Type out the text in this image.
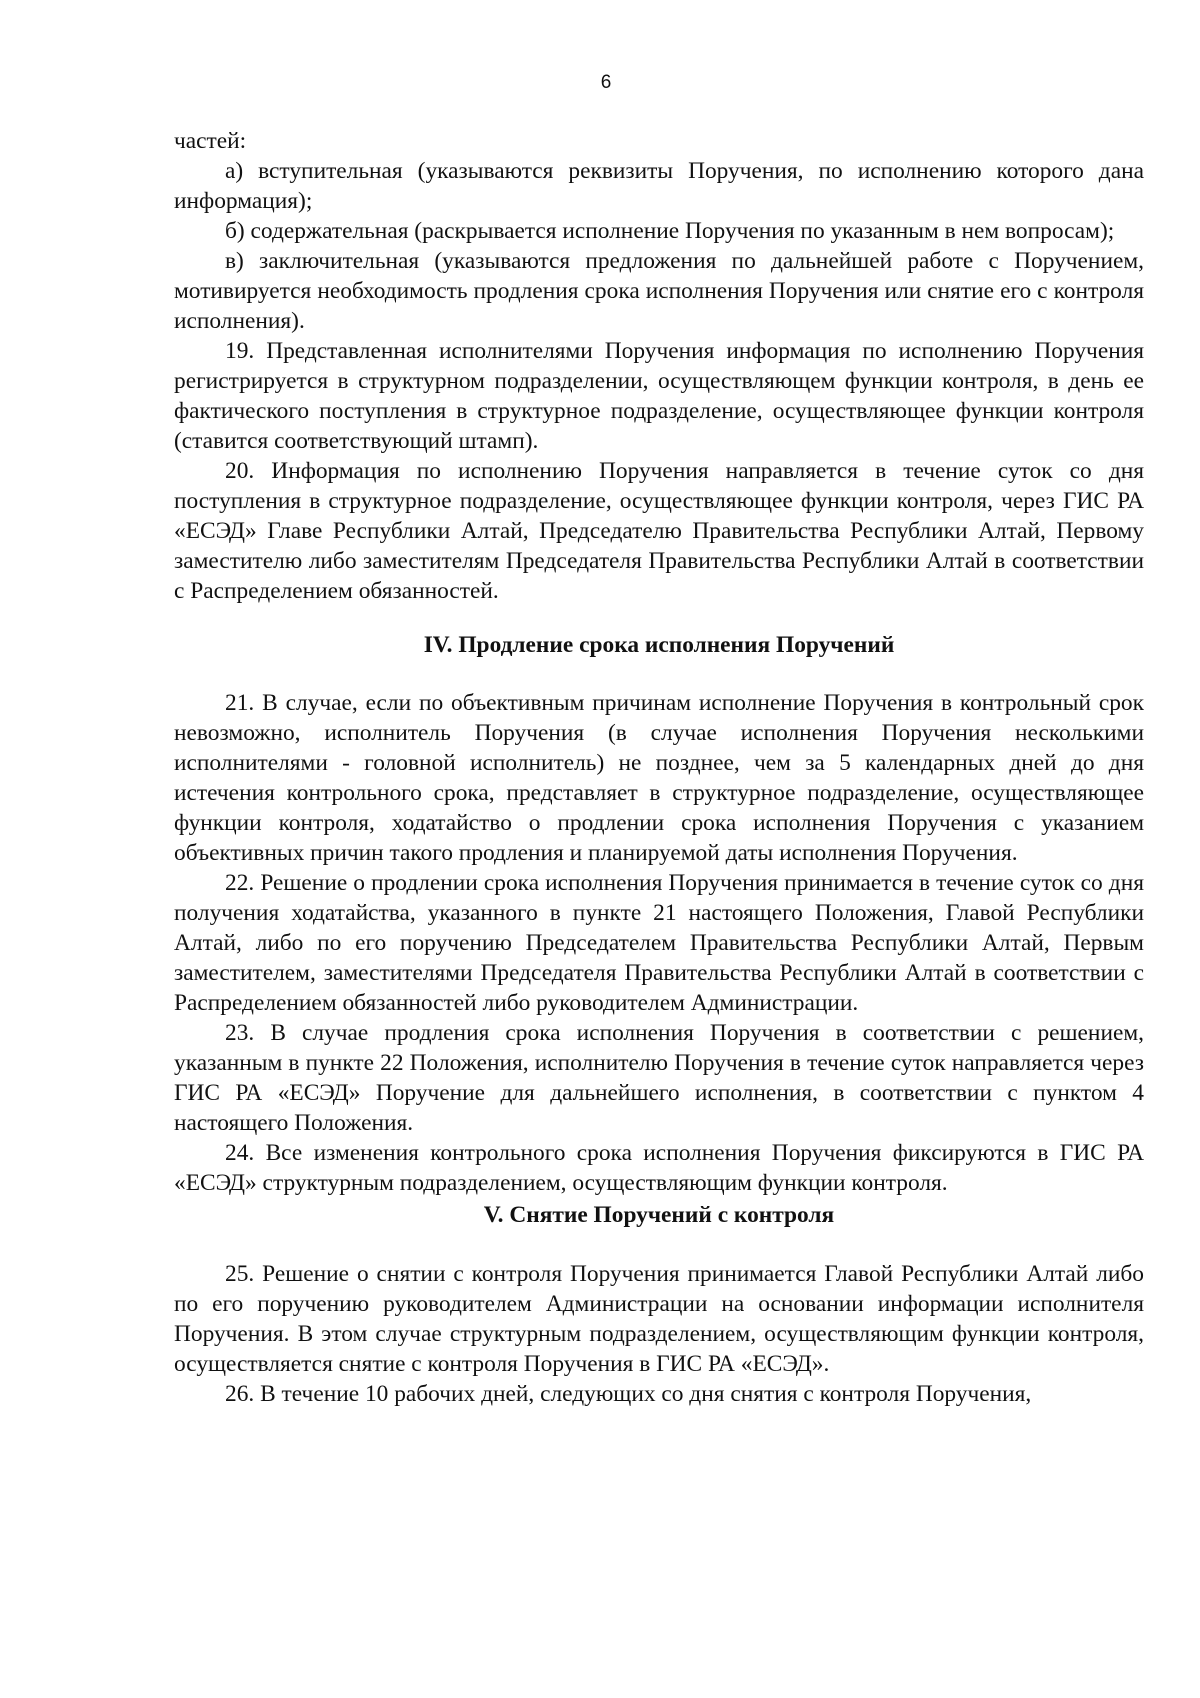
6

частей:

а) вступительная (указываются реквизиты Поручения, по исполнению которого дана информация);

б) содержательная (раскрывается исполнение Поручения по указанным в нем вопросам);

в) заключительная (указываются предложения по дальнейшей работе с Поручением, мотивируется необходимость продления срока исполнения Поручения или снятие его с контроля исполнения).

19. Представленная исполнителями Поручения информация по исполнению Поручения регистрируется в структурном подразделении, осуществляющем функции контроля, в день ее фактического поступления в структурное подразделение, осуществляющее функции контроля (ставится соответствующий штамп).

20. Информация по исполнению Поручения направляется в течение суток со дня поступления в структурное подразделение, осуществляющее функции контроля, через ГИС РА «ЕСЭД» Главе Республики Алтай, Председателю Правительства Республики Алтай, Первому заместителю либо заместителям Председателя Правительства Республики Алтай в соответствии с Распределением обязанностей.

IV. Продление срока исполнения Поручений

21. В случае, если по объективным причинам исполнение Поручения в контрольный срок невозможно, исполнитель Поручения (в случае исполнения Поручения несколькими исполнителями - головной исполнитель) не позднее, чем за 5 календарных дней до дня истечения контрольного срока, представляет в структурное подразделение, осуществляющее функции контроля, ходатайство о продлении срока исполнения Поручения с указанием объективных причин такого продления и планируемой даты исполнения Поручения.

22. Решение о продлении срока исполнения Поручения принимается в течение суток со дня получения ходатайства, указанного в пункте 21 настоящего Положения, Главой Республики Алтай, либо по его поручению Председателем Правительства Республики Алтай, Первым заместителем, заместителями Председателя Правительства Республики Алтай в соответствии с Распределением обязанностей либо руководителем Администрации.

23. В случае продления срока исполнения Поручения в соответствии с решением, указанным в пункте 22 Положения, исполнителю Поручения в течение суток направляется через ГИС РА «ЕСЭД» Поручение для дальнейшего исполнения, в соответствии с пунктом 4 настоящего Положения.

24. Все изменения контрольного срока исполнения Поручения фиксируются в ГИС РА «ЕСЭД» структурным подразделением, осуществляющим функции контроля.

V. Снятие Поручений с контроля

25. Решение о снятии с контроля Поручения принимается Главой Республики Алтай либо по его поручению руководителем Администрации на основании информации исполнителя Поручения. В этом случае структурным подразделением, осуществляющим функции контроля, осуществляется снятие с контроля Поручения в ГИС РА «ЕСЭД».

26. В течение 10 рабочих дней, следующих со дня снятия с контроля Поручения,
